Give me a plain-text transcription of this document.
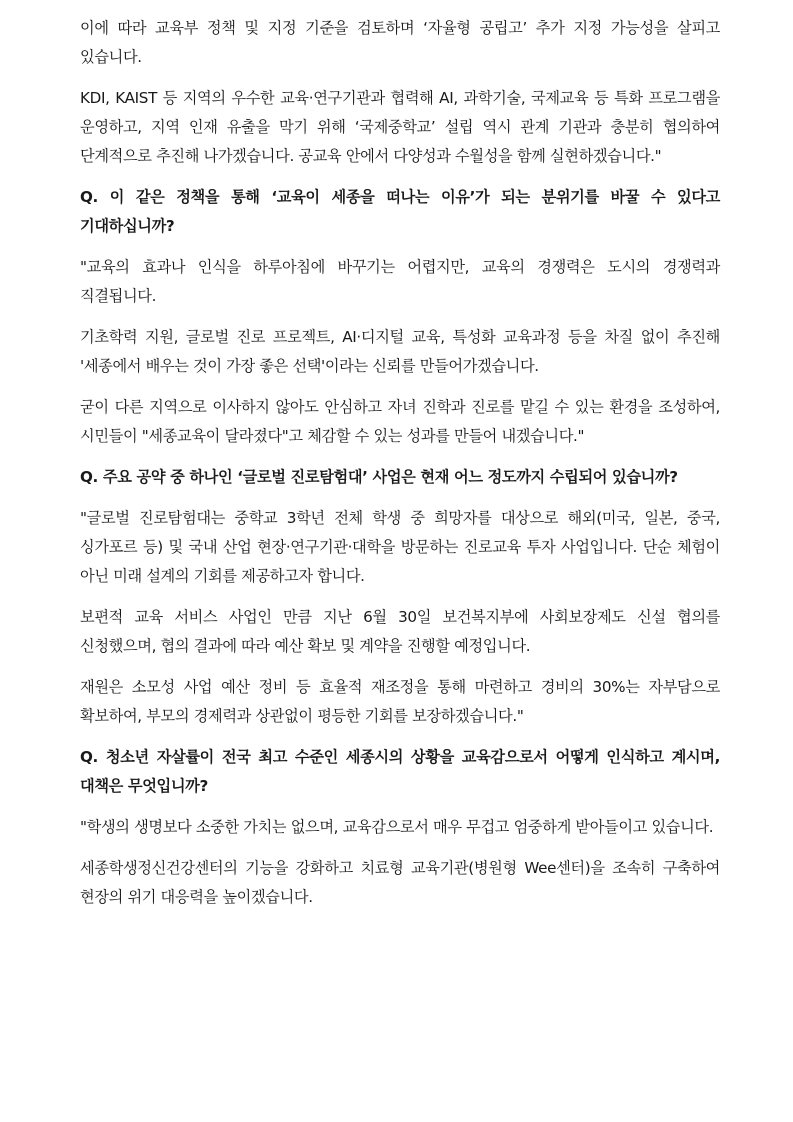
이에 따라 교육부 정책 및 지정 기준을 검토하며 ‘자율형 공립고’ 추가 지정 가능성을 살피고 있습니다.

KDI, KAIST 등 지역의 우수한 교육·연구기관과 협력해 AI, 과학기술, 국제교육 등 특화 프로그램을 운영하고, 지역 인재 유출을 막기 위해 ‘국제중학교’ 설립 역시 관계 기관과 충분히 협의하여 단계적으로 추진해 나가겠습니다. 공교육 안에서 다양성과 수월성을 함께 실현하겠습니다."

Q. 이 같은 정책을 통해 ‘교육이 세종을 떠나는 이유’가 되는 분위기를 바꿀 수 있다고 기대하십니까?

"교육의 효과나 인식을 하루아침에 바꾸기는 어렵지만, 교육의 경쟁력은 도시의 경쟁력과 직결됩니다.

기초학력 지원, 글로벌 진로 프로젝트, AI·디지털 교육, 특성화 교육과정 등을 차질 없이 추진해 '세종에서 배우는 것이 가장 좋은 선택'이라는 신뢰를 만들어가겠습니다.

굳이 다른 지역으로 이사하지 않아도 안심하고 자녀 진학과 진로를 맡길 수 있는 환경을 조성하여, 시민들이 "세종교육이 달라졌다"고 체감할 수 있는 성과를 만들어 내겠습니다."

Q. 주요 공약 중 하나인 ‘글로벌 진로탐험대’ 사업은 현재 어느 정도까지 수립되어 있습니까?

"글로벌 진로탐험대는 중학교 3학년 전체 학생 중 희망자를 대상으로 해외(미국, 일본, 중국, 싱가포르 등) 및 국내 산업 현장·연구기관·대학을 방문하는 진로교육 투자 사업입니다. 단순 체험이 아닌 미래 설계의 기회를 제공하고자 합니다.

보편적 교육 서비스 사업인 만큼 지난 6월 30일 보건복지부에 사회보장제도 신설 협의를 신청했으며, 협의 결과에 따라 예산 확보 및 계약을 진행할 예정입니다.

재원은 소모성 사업 예산 정비 등 효율적 재조정을 통해 마련하고 경비의 30%는 자부담으로 확보하여, 부모의 경제력과 상관없이 평등한 기회를 보장하겠습니다."

Q. 청소년 자살률이 전국 최고 수준인 세종시의 상황을 교육감으로서 어떻게 인식하고 계시며, 대책은 무엇입니까?

"학생의 생명보다 소중한 가치는 없으며, 교육감으로서 매우 무겁고 엄중하게 받아들이고 있습니다.

세종학생정신건강센터의 기능을 강화하고 치료형 교육기관(병원형 Wee센터)을 조속히 구축하여 현장의 위기 대응력을 높이겠습니다.
